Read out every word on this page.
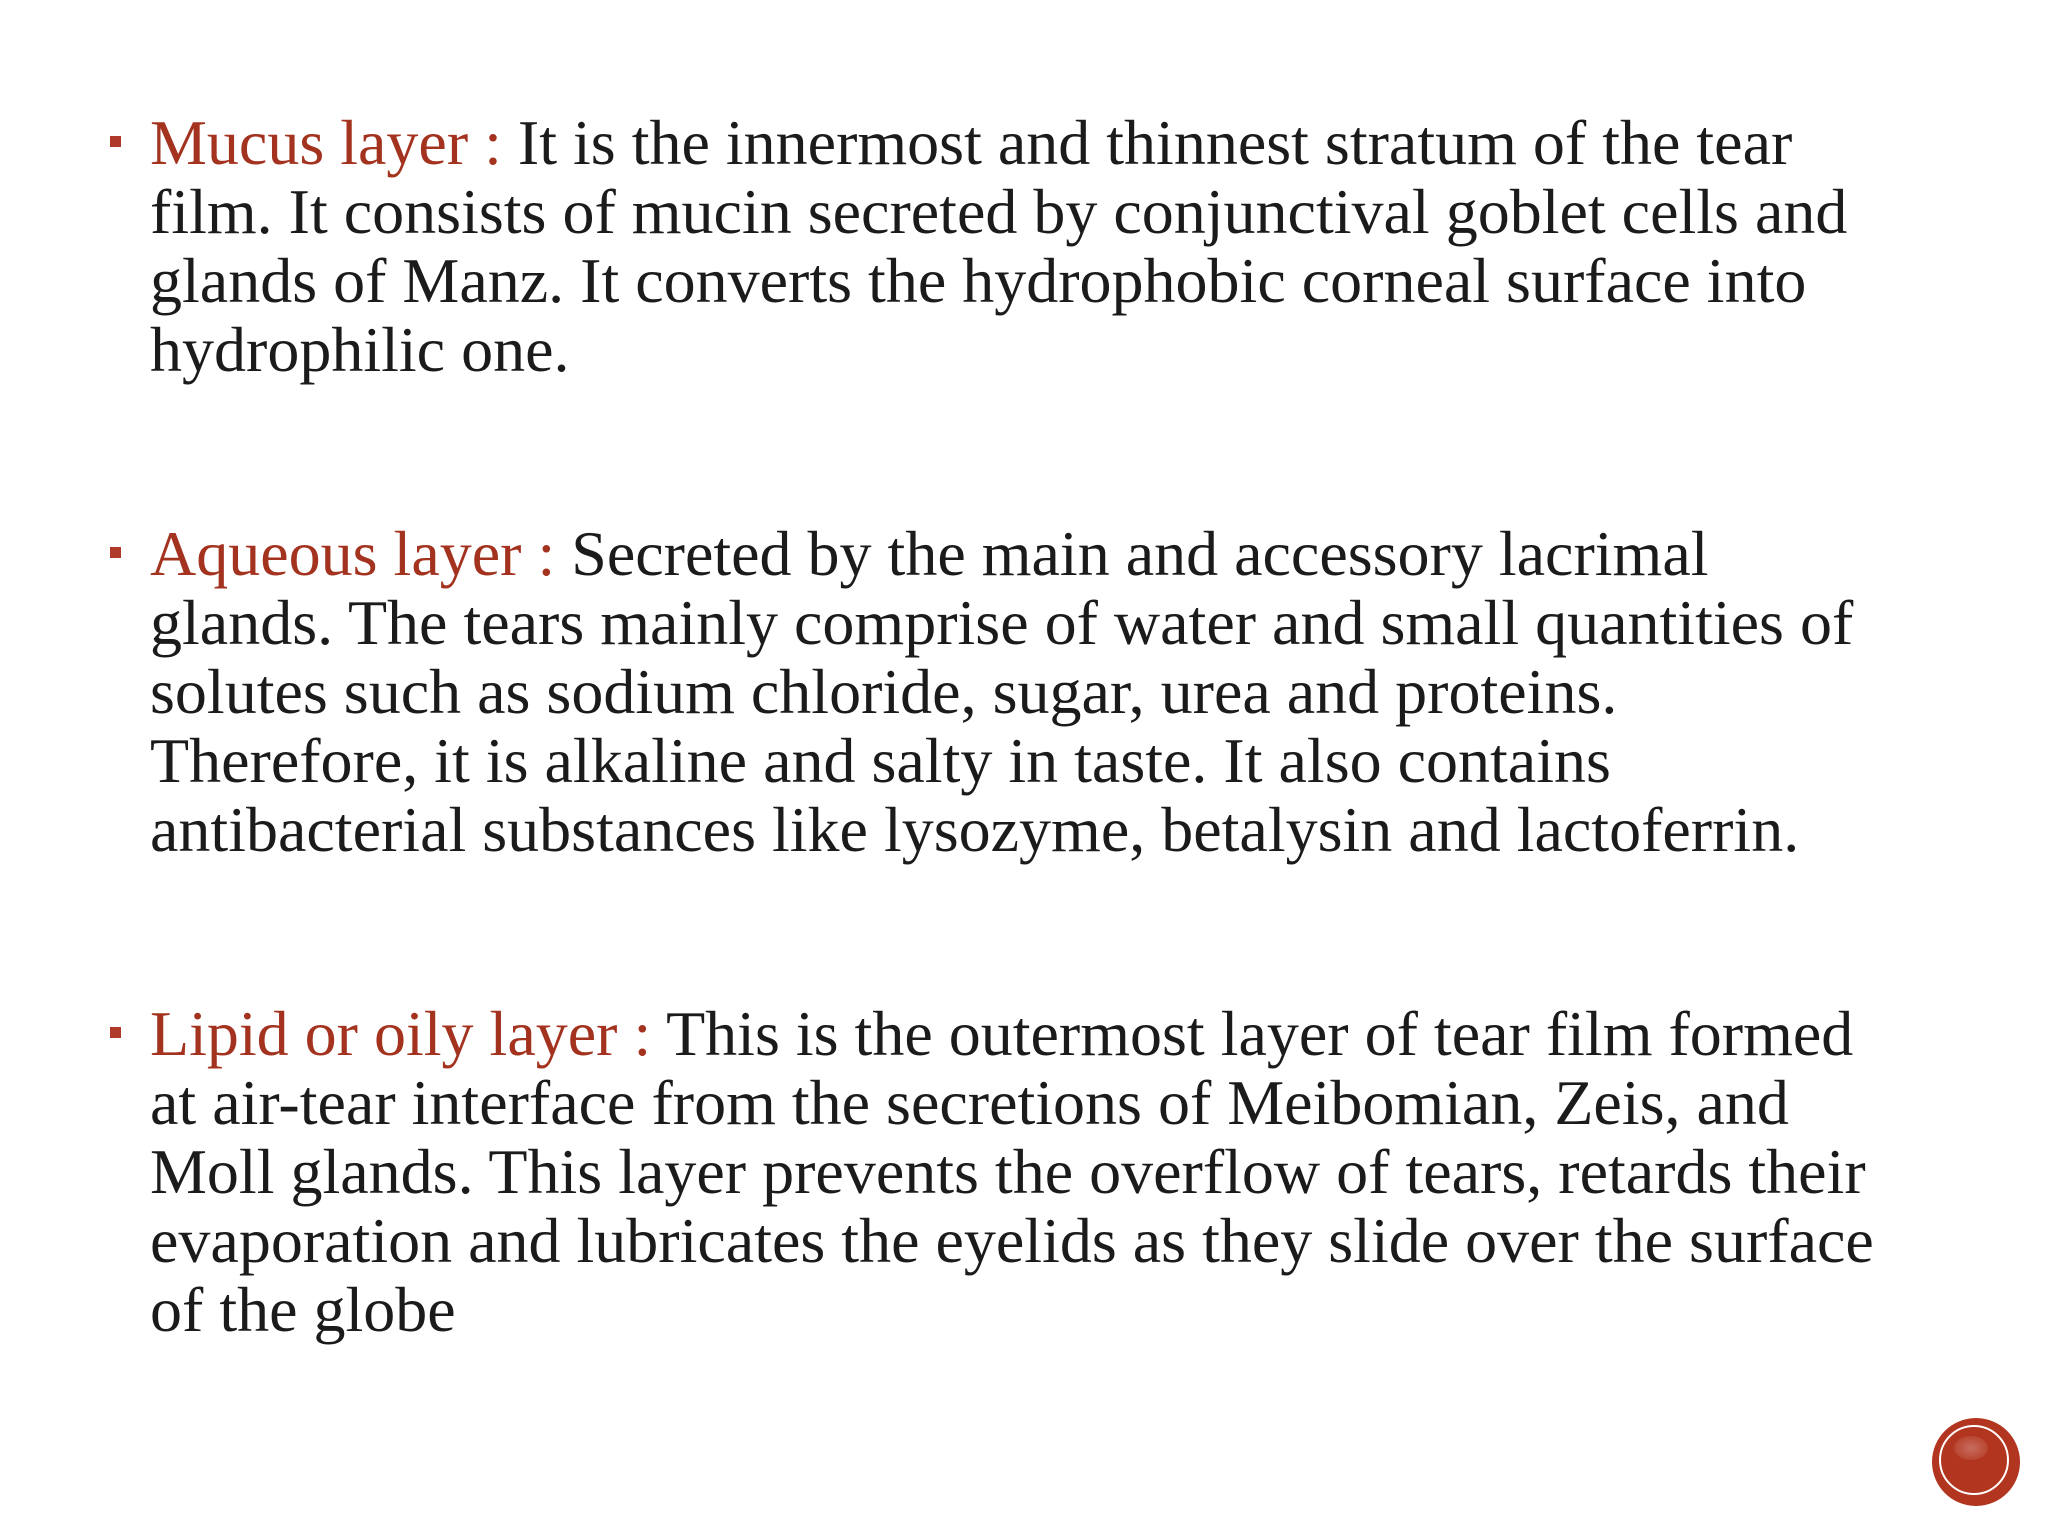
Mucus layer : It is the innermost and thinnest stratum of the tear film. It consists of mucin secreted by conjunctival goblet cells and glands of Manz. It converts the hydrophobic corneal surface into hydrophilic one.
Aqueous layer : Secreted by the main and accessory lacrimal glands. The tears mainly comprise of water and small quantities of solutes such as sodium chloride, sugar, urea and proteins. Therefore, it is alkaline and salty in taste. It also contains antibacterial substances like lysozyme, betalysin and lactoferrin.
Lipid or oily layer : This is the outermost layer of tear film formed at air-tear interface from the secretions of Meibomian, Zeis, and Moll glands. This layer prevents the overflow of tears, retards their evaporation and lubricates the eyelids as they slide over the surface of the globe
